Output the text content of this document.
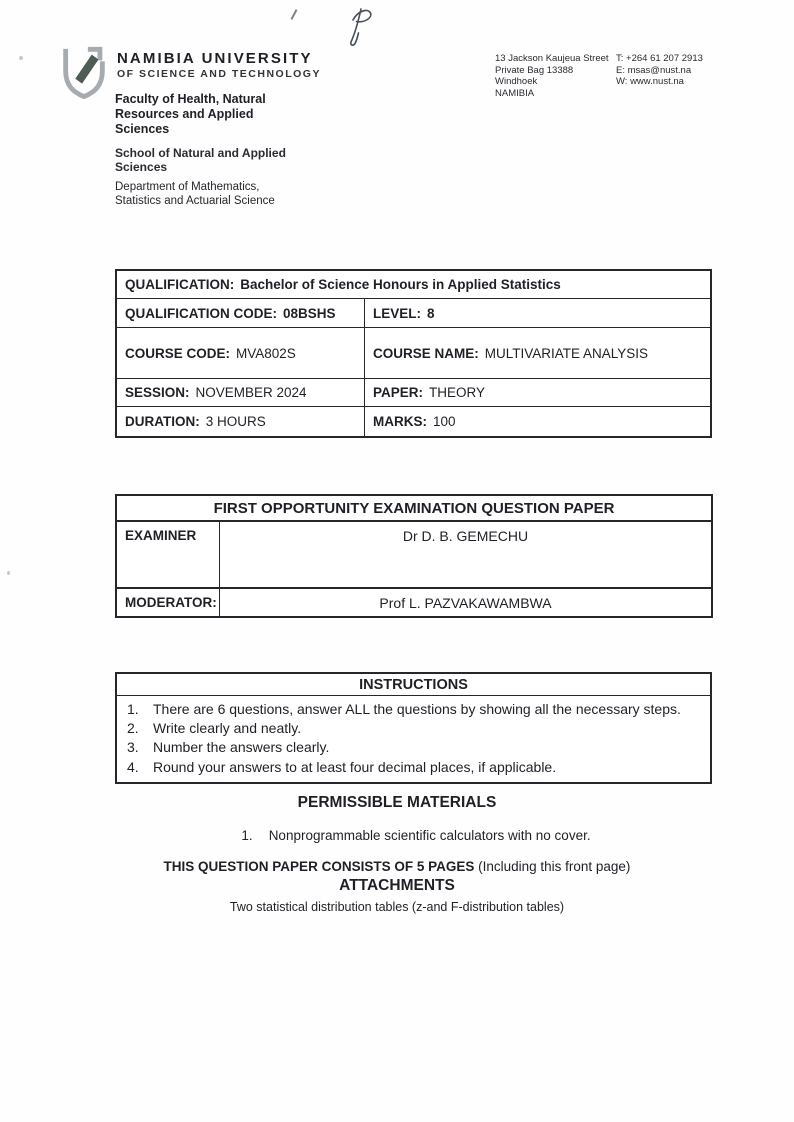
NAMIBIA UNIVERSITY
OF SCIENCE AND TECHNOLOGY
Faculty of Health, Natural
Resources and Applied
Sciences
School of Natural and Applied
Sciences
Department of Mathematics,
Statistics and Actuarial Science
13 Jackson Kaujeua Street
Private Bag 13388
Windhoek
NAMIBIA
T: +264 61 207 2913
E: msas@nust.na
W: www.nust.na
QUALIFICATION: Bachelor of Science Honours in Applied Statistics
QUALIFICATION CODE: 08BSHS	LEVEL: 8
COURSE CODE: MVA802S	COURSE NAME: MULTIVARIATE ANALYSIS
SESSION: NOVEMBER 2024	PAPER: THEORY
DURATION: 3 HOURS	MARKS: 100
FIRST OPPORTUNITY EXAMINATION QUESTION PAPER
EXAMINER	Dr D. B. GEMECHU
MODERATOR:	Prof L. PAZVAKAWAMBWA
INSTRUCTIONS
1.	There are 6 questions, answer ALL the questions by showing all the necessary steps.
2.	Write clearly and neatly.
3.	Number the answers clearly.
4.	Round your answers to at least four decimal places, if applicable.
PERMISSIBLE MATERIALS
1. Nonprogrammable scientific calculators with no cover.
THIS QUESTION PAPER CONSISTS OF 5 PAGES (Including this front page)
ATTACHMENTS
Two statistical distribution tables (z-and F-distribution tables)
